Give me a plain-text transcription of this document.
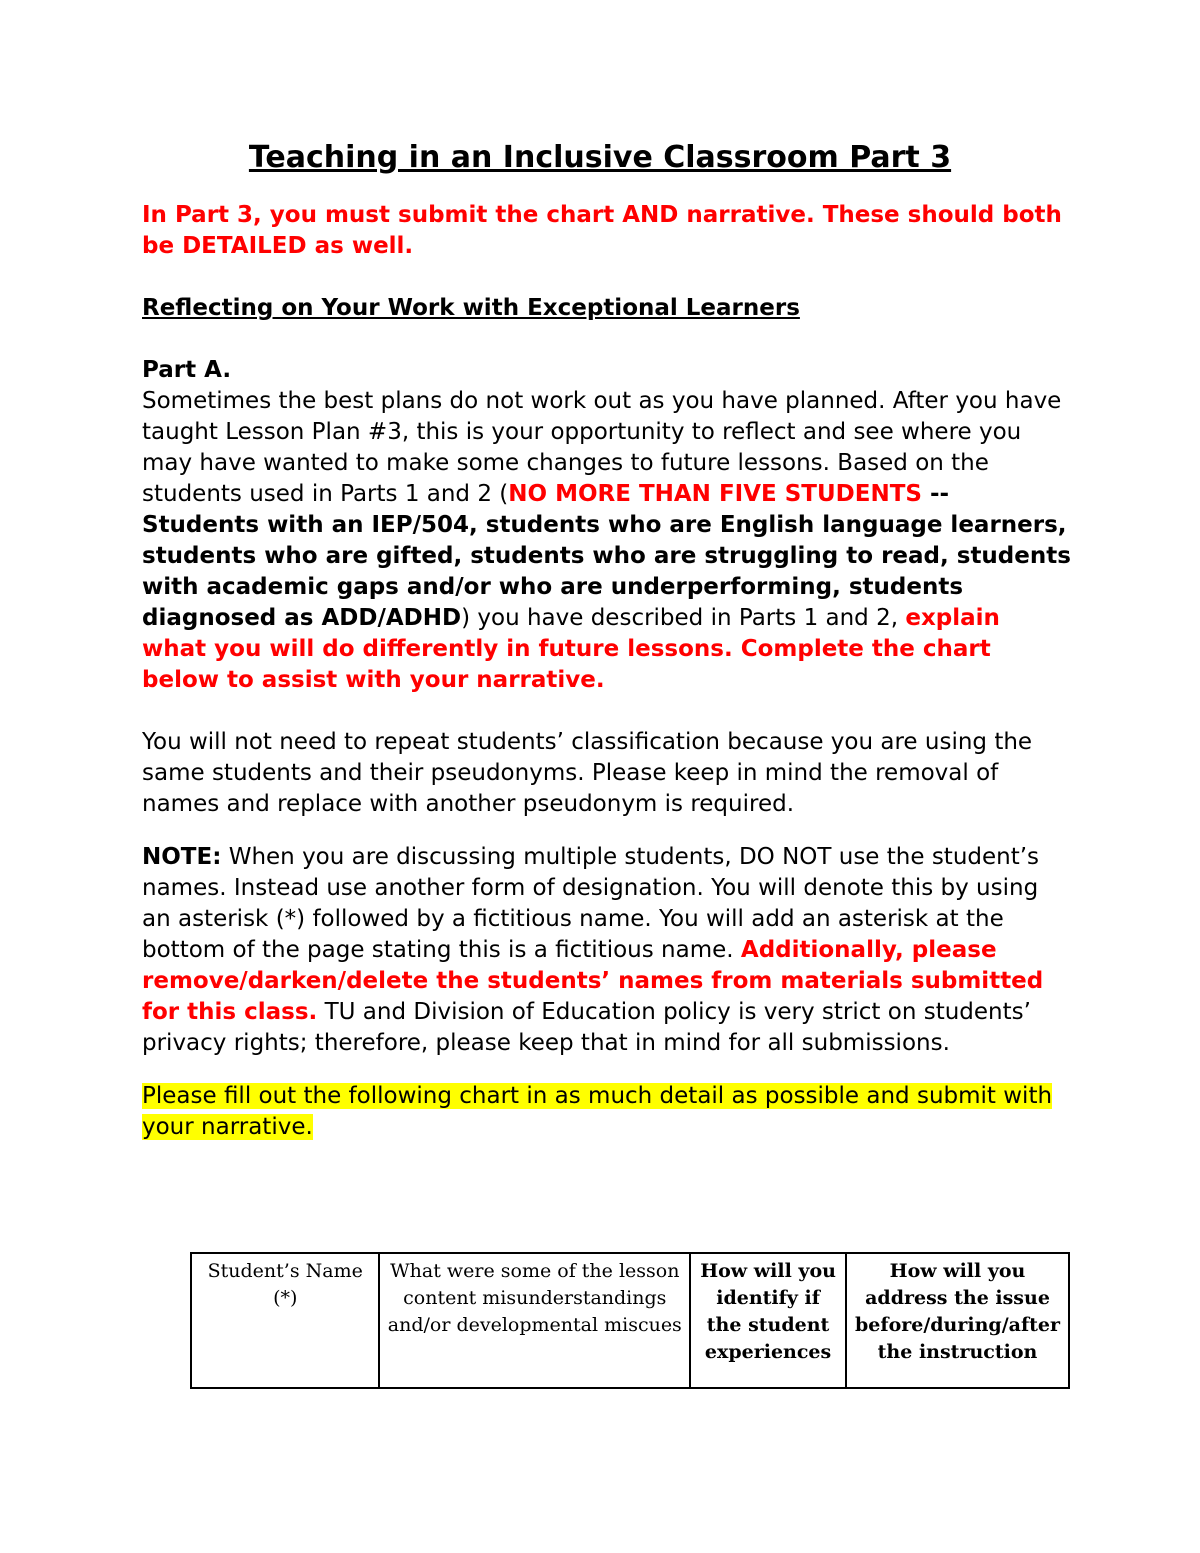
Teaching in an Inclusive Classroom Part 3

In Part 3, you must submit the chart AND narrative. These should both be DETAILED as well.

Reflecting on Your Work with Exceptional Learners

Part A.

Sometimes the best plans do not work out as you have planned. After you have taught Lesson Plan #3, this is your opportunity to reflect and see where you may have wanted to make some changes to future lessons. Based on the students used in Parts 1 and 2 (NO MORE THAN FIVE STUDENTS -- Students with an IEP/504, students who are English language learners, students who are gifted, students who are struggling to read, students with academic gaps and/or who are underperforming, students diagnosed as ADD/ADHD) you have described in Parts 1 and 2, explain what you will do differently in future lessons. Complete the chart below to assist with your narrative.

You will not need to repeat students’ classification because you are using the same students and their pseudonyms. Please keep in mind the removal of names and replace with another pseudonym is required.

NOTE: When you are discussing multiple students, DO NOT use the student’s names. Instead use another form of designation. You will denote this by using an asterisk (*) followed by a fictitious name. You will add an asterisk at the bottom of the page stating this is a fictitious name. Additionally, please remove/darken/delete the students’ names from materials submitted for this class. TU and Division of Education policy is very strict on students’ privacy rights; therefore, please keep that in mind for all submissions.

Please fill out the following chart in as much detail as possible and submit with your narrative.

Student’s Name (*)	What were some of the lesson content misunderstandings and/or developmental miscues	How will you identify if the student experiences	How will you address the issue before/during/after the instruction
